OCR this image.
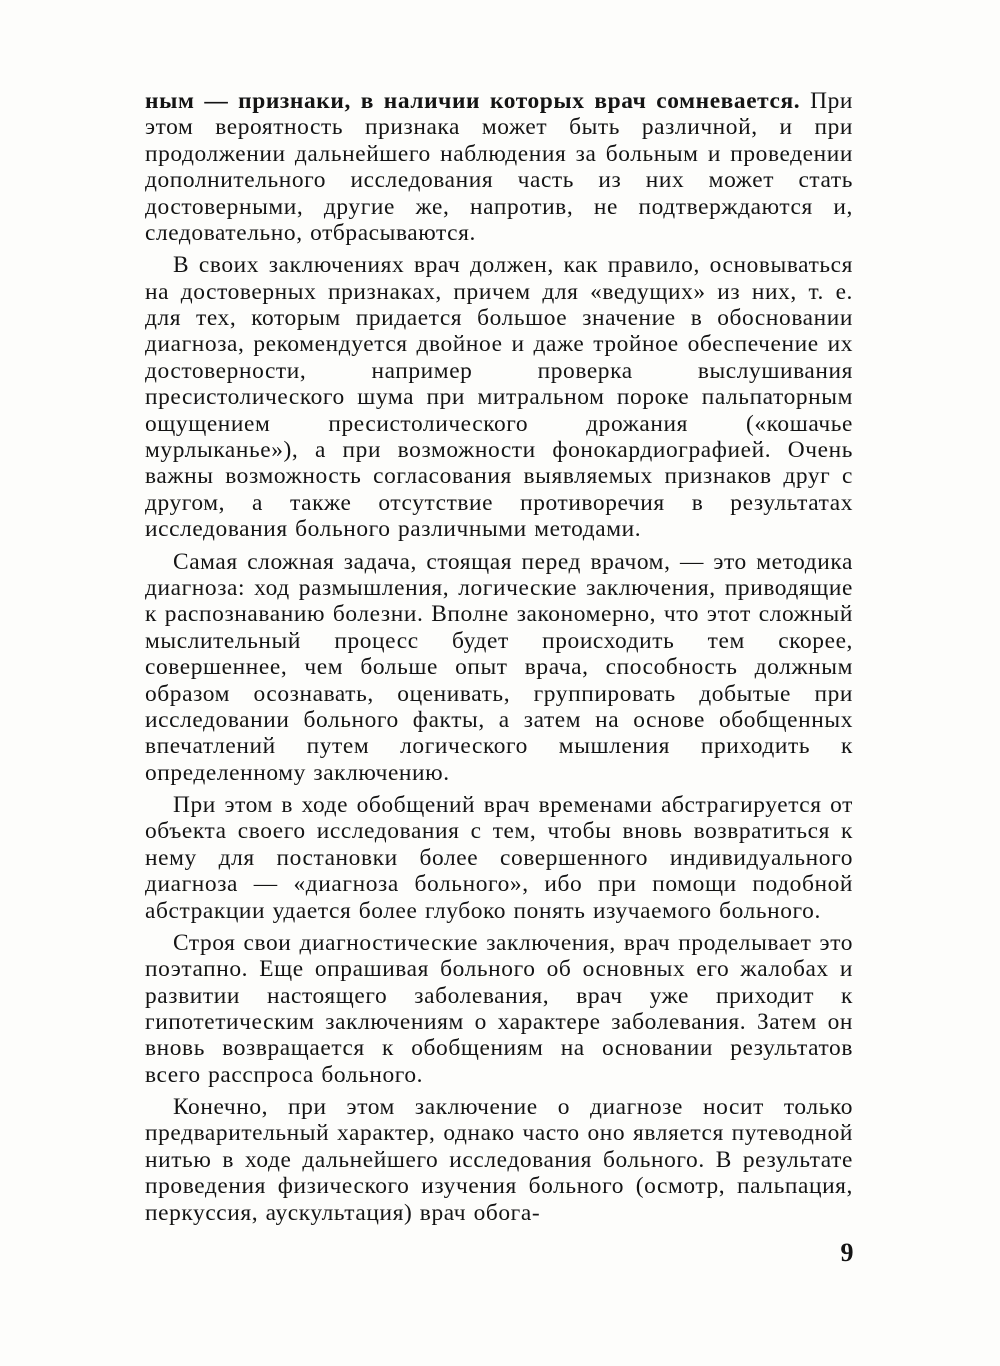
ным — признаки, в наличии которых врач сомневается. При этом вероятность признака может быть различной, и при продолжении дальнейшего наблюдения за больным и проведении дополнительного исследования часть из них может стать достоверными, другие же, напротив, не подтверждаются и, следовательно, отбрасываются.

В своих заключениях врач должен, как правило, основываться на достоверных признаках, причем для «ведущих» из них, т. е. для тех, которым придается большое значение в обосновании диагноза, рекомендуется двойное и даже тройное обеспечение их достоверности, например проверка выслушивания пресистолического шума при митральном пороке пальпаторным ощущением пресистолического дрожания («кошачье мурлыканье»), а при возможности фонокардиографией. Очень важны возможность согласования выявляемых признаков друг с другом, а также отсутствие противоречия в результатах исследования больного различными методами.

Самая сложная задача, стоящая перед врачом, — это методика диагноза: ход размышления, логические заключения, приводящие к распознаванию болезни. Вполне закономерно, что этот сложный мыслительный процесс будет происходить тем скорее, совершеннее, чем больше опыт врача, способность должным образом осознавать, оценивать, группировать добытые при исследовании больного факты, а затем на основе обобщенных впечатлений путем логического мышления приходить к определенному заключению.

При этом в ходе обобщений врач временами абстрагируется от объекта своего исследования с тем, чтобы вновь возвратиться к нему для постановки более совершенного индивидуального диагноза — «диагноза больного», ибо при помощи подобной абстракции удается более глубоко понять изучаемого больного.

Строя свои диагностические заключения, врач проделывает это поэтапно. Еще опрашивая больного об основных его жалобах и развитии настоящего заболевания, врач уже приходит к гипотетическим заключениям о характере заболевания. Затем он вновь возвращается к обобщениям на основании результатов всего расспроса больного.

Конечно, при этом заключение о диагнозе носит только предварительный характер, однако часто оно является путеводной нитью в ходе дальнейшего исследования больного. В результате проведения физического изучения больного (осмотр, пальпация, перкуссия, аускультация) врач обога-

9
